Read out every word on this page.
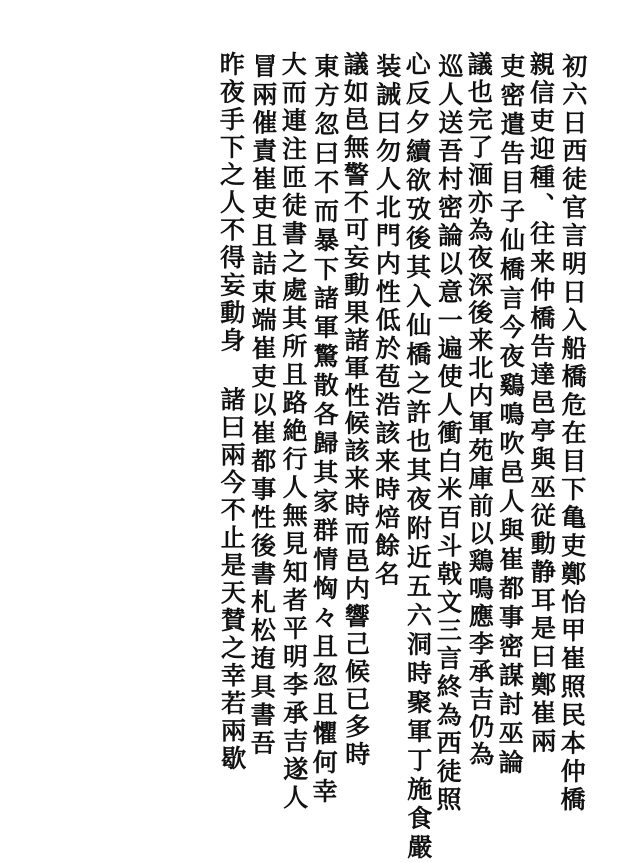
初六日西徒官言明日入船橋危在目下亀吏鄭怡甲崔照民本仲橋
親信吏迎種、往来仲橋告達邑亭與巫従動静耳是曰鄭崔兩
吏密遣告目子仙橋言今夜鷄鳴吹邑人與崔都事密謀討巫論
議也完了湎亦為夜深後来北内軍苑庫前以鶏鳴應李承吉仍為
巡人送吾村密論以意一遍使人衝白米百斗戟文三言終為西徒照
心反夕續欲攷後其入仙橋之許也其夜附近五六洞時聚軍丁施食嚴
装誡曰勿人北門内性低於苞浩該来時焙餘名
議如邑無警不可妄動果諸軍性候該来時而邑内響己候已多時
東方忽曰不而暴下諸軍驚散各歸其家群情恟々且忽且懼何幸
大而連注匝徒書之處其所且路絶行人無見知者平明李承吉遂人
冒兩催責崔吏且詰束端崔吏以崔都事性後書札松迶具書吾
昨夜手下之人不得妄動身 諸曰兩今不止是天賛之幸若兩歇
